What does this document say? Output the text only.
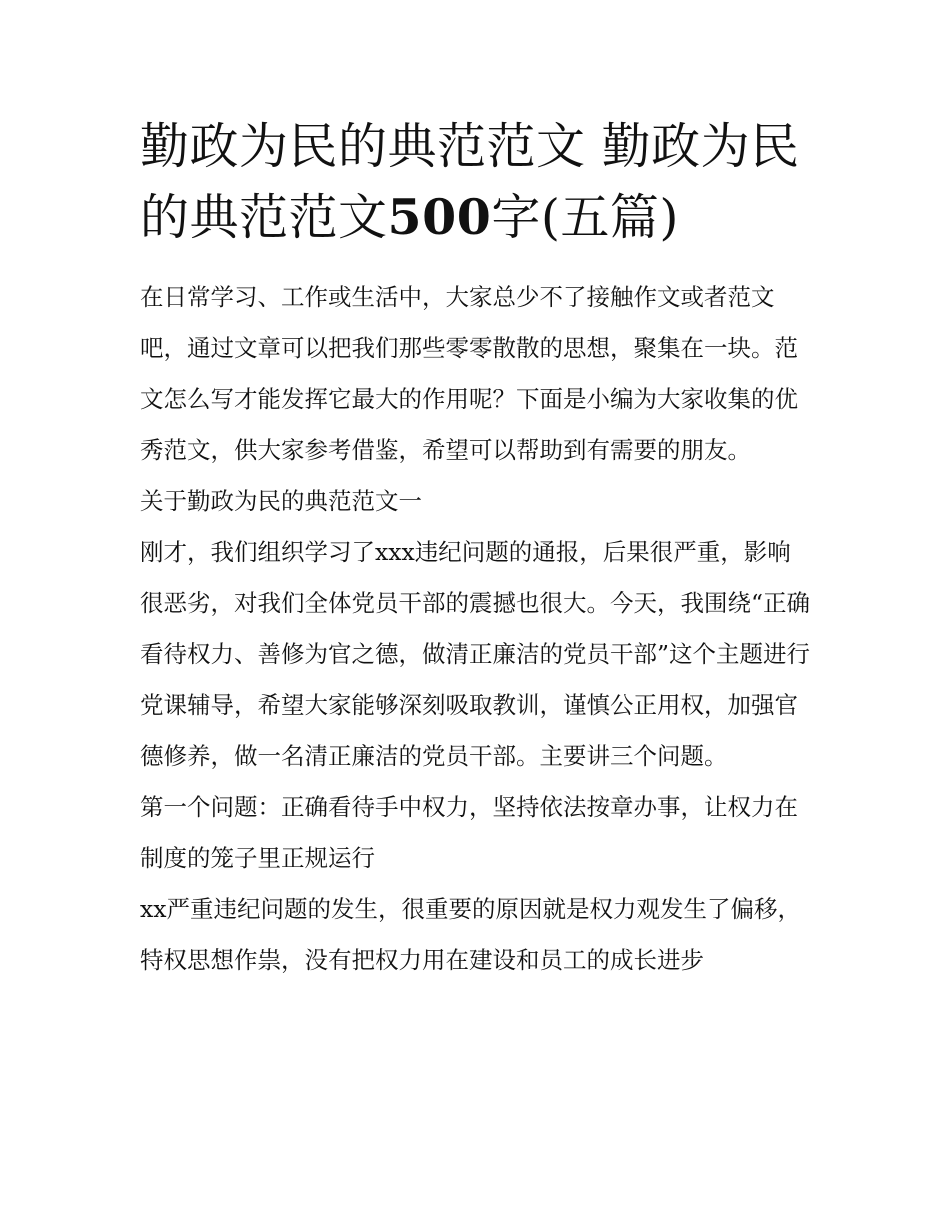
勤政为民的典范范文 勤政为民的典范范文500字(五篇)

在日常学习、工作或生活中，大家总少不了接触作文或者范文吧，通过文章可以把我们那些零零散散的思想，聚集在一块。范文怎么写才能发挥它最大的作用呢？下面是小编为大家收集的优秀范文，供大家参考借鉴，希望可以帮助到有需要的朋友。

关于勤政为民的典范范文一

刚才，我们组织学习了xxx违纪问题的通报，后果很严重，影响很恶劣，对我们全体党员干部的震撼也很大。今天，我围绕“正确看待权力、善修为官之德，做清正廉洁的党员干部”这个主题进行党课辅导，希望大家能够深刻吸取教训，谨慎公正用权，加强官德修养，做一名清正廉洁的党员干部。主要讲三个问题。

第一个问题：正确看待手中权力，坚持依法按章办事，让权力在制度的笼子里正规运行

xx严重违纪问题的发生，很重要的原因就是权力观发生了偏移，特权思想作祟，没有把权力用在建设和员工的成长进步
